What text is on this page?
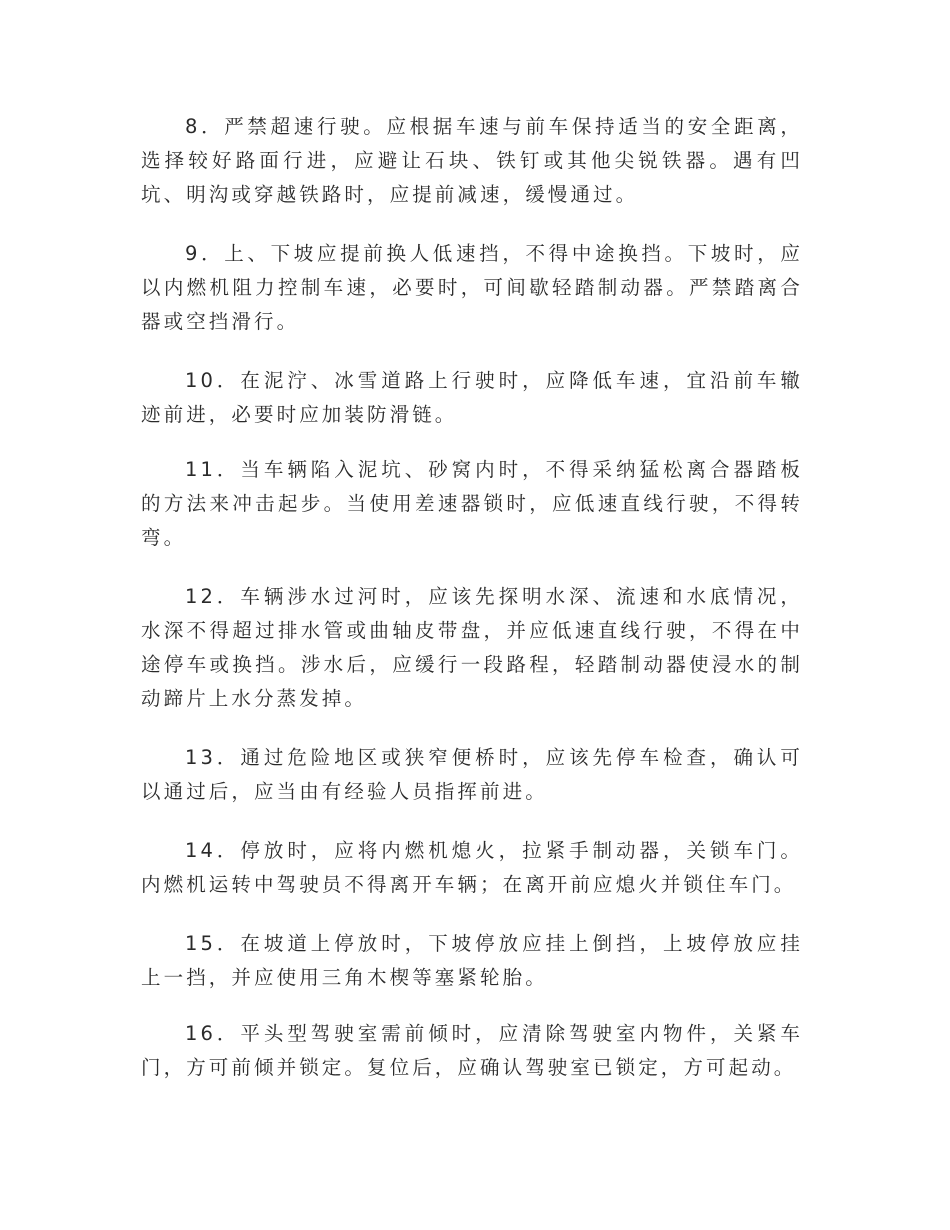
8．严禁超速行驶。应根据车速与前车保持适当的安全距离，选择较好路面行进，应避让石块、铁钉或其他尖锐铁器。遇有凹坑、明沟或穿越铁路时，应提前减速，缓慢通过。

9．上、下坡应提前换人低速挡，不得中途换挡。下坡时，应以内燃机阻力控制车速，必要时，可间歇轻踏制动器。严禁踏离合器或空挡滑行。

10．在泥泞、冰雪道路上行驶时，应降低车速，宜沿前车辙迹前进，必要时应加装防滑链。

11．当车辆陷入泥坑、砂窝内时，不得采纳猛松离合器踏板的方法来冲击起步。当使用差速器锁时，应低速直线行驶，不得转弯。

12．车辆涉水过河时，应该先探明水深、流速和水底情况，水深不得超过排水管或曲轴皮带盘，并应低速直线行驶，不得在中途停车或换挡。涉水后，应缓行一段路程，轻踏制动器使浸水的制动蹄片上水分蒸发掉。

13．通过危险地区或狭窄便桥时，应该先停车检查，确认可以通过后，应当由有经验人员指挥前进。

14．停放时，应将内燃机熄火，拉紧手制动器，关锁车门。内燃机运转中驾驶员不得离开车辆；在离开前应熄火并锁住车门。

15．在坡道上停放时，下坡停放应挂上倒挡，上坡停放应挂上一挡，并应使用三角木楔等塞紧轮胎。

16．平头型驾驶室需前倾时，应清除驾驶室内物件，关紧车门，方可前倾并锁定。复位后，应确认驾驶室已锁定，方可起动。
